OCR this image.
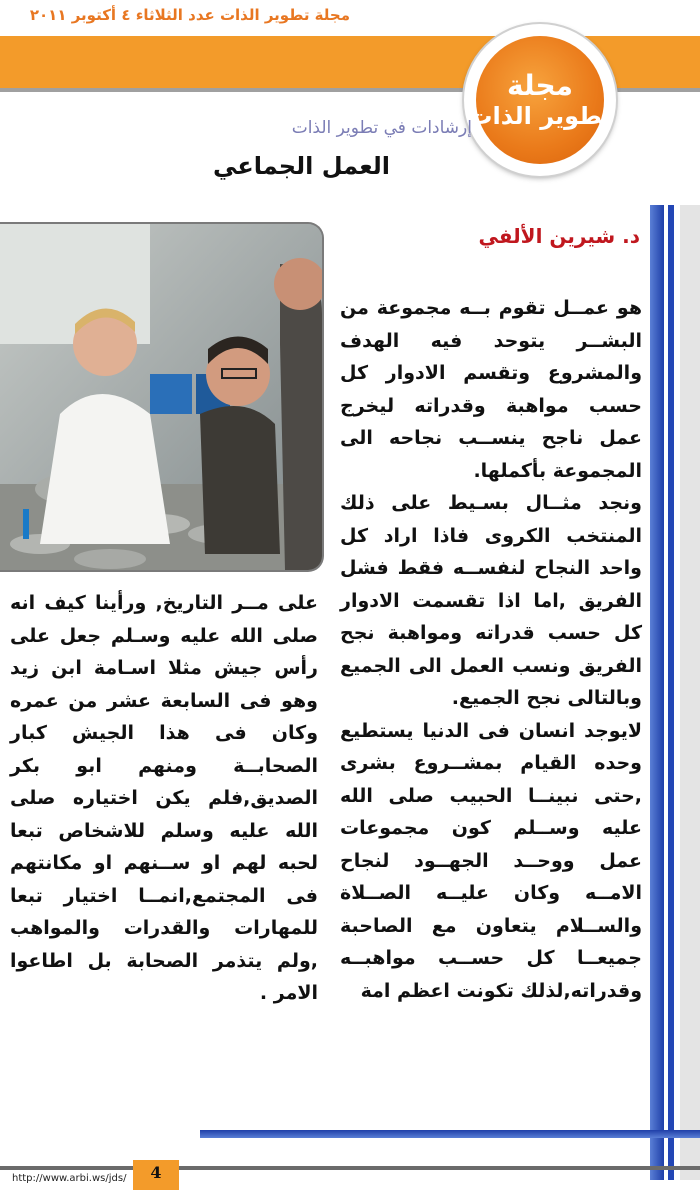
مجلة تطوير الذات عدد الثلاثاء ٤ أكتوبر ٢٠١١
مجلة
تطوير الذات
إرشادات في تطوير الذات
العمل الجماعي
د. شيرين الألفي

هو عمــل تقوم بــه مجموعة من البشــر يتوحد فيه الهدف والمشروع وتقسم الادوار كل حسب مواهبة وقدراته ليخرج عمل ناجح ينســب نجاحه الى المجموعة بأكملها.

ونجد مثــال بسـيط على ذلك المنتخب الكروى فاذا اراد كل واحد النجاح لنفســه فقط فشل الفريق ,اما اذا تقسمت الادوار كل حسب قدراته ومواهبة نجح الفريق ونسب العمل الى الجميع وبالتالى نجح الجميع.

لايوجد انسان فى الدنيا يستطيع وحده القيام بمشــروع بشرى ,حتى نبينــا الحبيب صلى الله عليه وســلم كون مجموعات عمل ووحــد الجهــود لنجاح الامــه وكان عليــه الصــلاة والســلام يتعاون مع الصاحبة جميعــا كل حســب مواهبــه وقدراته,لذلك تكونت اعظم امة

على مــر التاريخ, ورأينا كيف انه صلى الله عليه وسـلم جعل على رأس جيش مثلا اسـامة ابن زيد وهو فى السابعة عشر من عمره وكان فى هذا الجيش كبار الصحابــة ومنهم ابو بكر الصديق,فلم يكن اختياره صلى الله عليه وسلم للاشخاص تبعا لحبه لهم او ســنهم او مكانتهم فى المجتمع,انمــا اختيار تبعا للمهارات والقدرات والمواهب ,ولم يتذمر الصحابة بل اطاعوا الامر .

http://www.arbi.ws/jds/	4
